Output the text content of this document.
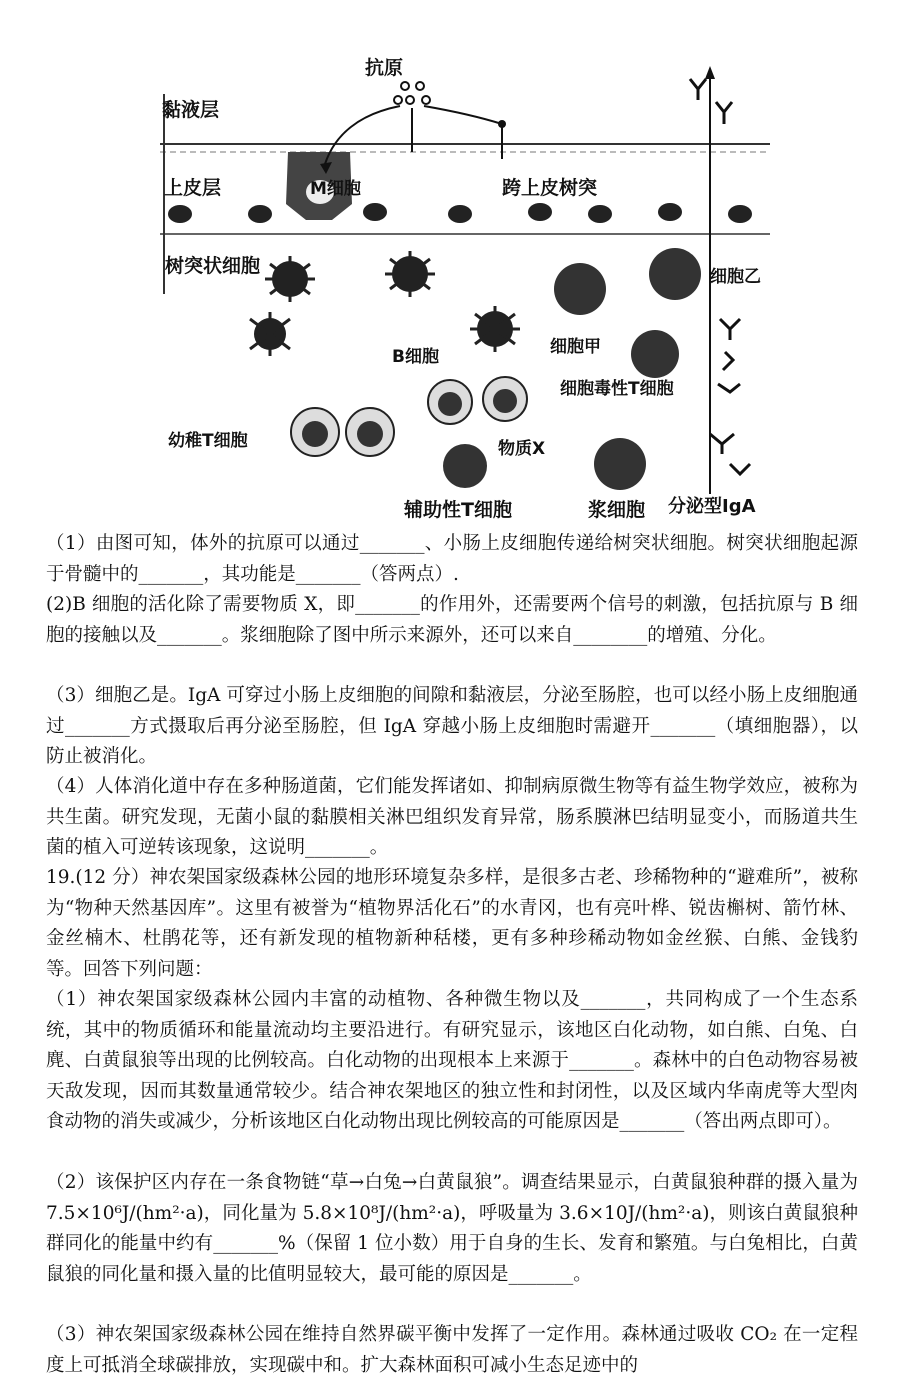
抗原
黏液层
上皮层	M细胞	跨上皮树突
树突状细胞
B细胞
幼稚T细胞
辅助性T细胞
物质X
浆细胞
细胞甲
细胞乙
细胞毒性T细胞
分泌型IgA
（1）由图可知，体外的抗原可以通过_______、小肠上皮细胞传递给树突状细胞。树突状细胞起源于骨髓中的_______，其功能是_______（答两点）.
(2)B 细胞的活化除了需要物质 X，即_______的作用外，还需要两个信号的刺激，包括抗原与 B 细胞的接触以及_______。浆细胞除了图中所示来源外，还可以来自________的增殖、分化。
（3）细胞乙是。IgA 可穿过小肠上皮细胞的间隙和黏液层，分泌至肠腔，也可以经小肠上皮细胞通过_______方式摄取后再分泌至肠腔，但 IgA 穿越小肠上皮细胞时需避开_______（填细胞器），以防止被消化。
（4）人体消化道中存在多种肠道菌，它们能发挥诸如、抑制病原微生物等有益生物学效应，被称为共生菌。研究发现，无菌小鼠的黏膜相关淋巴组织发育异常，肠系膜淋巴结明显变小，而肠道共生菌的植入可逆转该现象，这说明_______。
19.(12 分）神农架国家级森林公园的地形环境复杂多样，是很多古老、珍稀物种的“避难所”，被称为“物种天然基因库”。这里有被誉为“植物界活化石”的水青冈，也有亮叶桦、锐齿槲树、箭竹林、金丝楠木、杜鹃花等，还有新发现的植物新种秳楼，更有多种珍稀动物如金丝猴、白熊、金钱豹等。回答下列问题：
（1）神农架国家级森林公园内丰富的动植物、各种微生物以及_______，共同构成了一个生态系统，其中的物质循环和能量流动均主要沿进行。有研究显示，该地区白化动物，如白熊、白兔、白麂、白黄鼠狼等出现的比例较高。白化动物的出现根本上来源于_______。森林中的白色动物容易被天敌发现，因而其数量通常较少。结合神农架地区的独立性和封闭性，以及区域内华南虎等大型肉食动物的消失或减少，分析该地区白化动物出现比例较高的可能原因是_______（答出两点即可）。
（2）该保护区内存在一条食物链“草→白兔→白黄鼠狼”。调查结果显示，白黄鼠狼种群的摄入量为 7.5×10⁶J/(hm²·a)，同化量为 5.8×10⁸J/(hm²·a)，呼吸量为 3.6×10J/(hm²·a)，则该白黄鼠狼种群同化的能量中约有_______%（保留 1 位小数）用于自身的生长、发育和繁殖。与白兔相比，白黄鼠狼的同化量和摄入量的比值明显较大，最可能的原因是_______。
（3）神农架国家级森林公园在维持自然界碳平衡中发挥了一定作用。森林通过吸收 CO₂ 在一定程度上可抵消全球碳排放，实现碳中和。扩大森林面积可减小生态足迹中的
